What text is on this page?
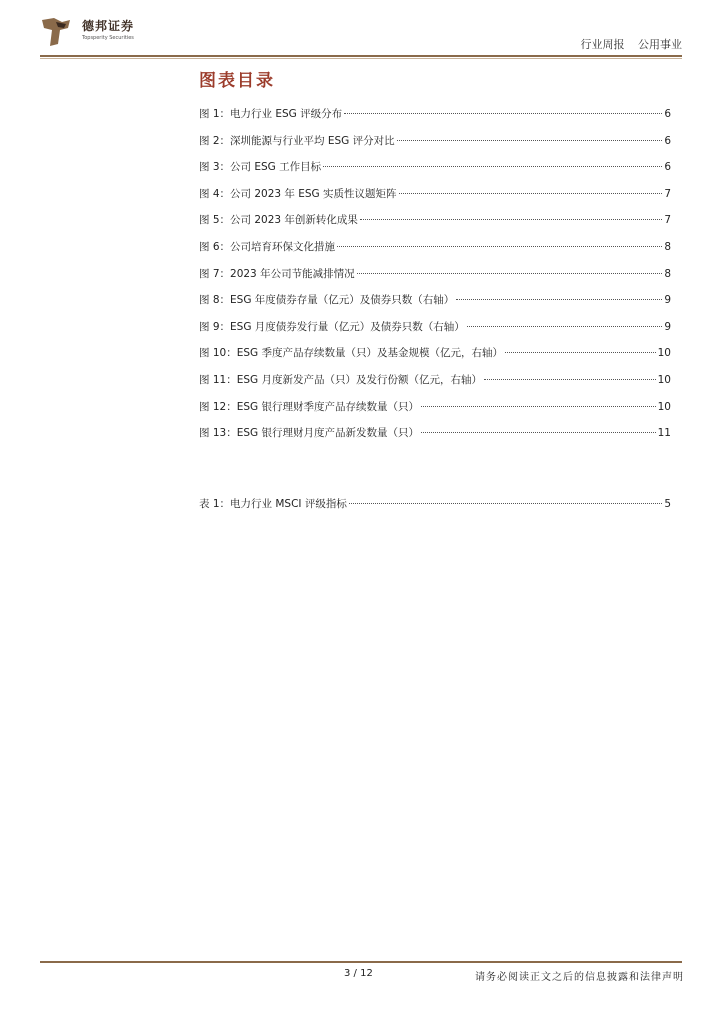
德邦证券
Topsperity Securities	行业周报 公用事业
图表目录
图 1：电力行业 ESG 评级分布	6
图 2：深圳能源与行业平均 ESG 评分对比	6
图 3：公司 ESG 工作目标	6
图 4：公司 2023 年 ESG 实质性议题矩阵	7
图 5：公司 2023 年创新转化成果	7
图 6：公司培育环保文化措施	8
图 7：2023 年公司节能减排情况	8
图 8：ESG 年度债券存量（亿元）及债券只数（右轴）	9
图 9：ESG 月度债券发行量（亿元）及债券只数（右轴）	9
图 10：ESG 季度产品存续数量（只）及基金规模（亿元，右轴）	10
图 11：ESG 月度新发产品（只）及发行份额（亿元，右轴）	10
图 12：ESG 银行理财季度产品存续数量（只）	10
图 13：ESG 银行理财月度产品新发数量（只）	11
表 1：电力行业 MSCI 评级指标	5
3 / 12	请务必阅读正文之后的信息披露和法律声明
